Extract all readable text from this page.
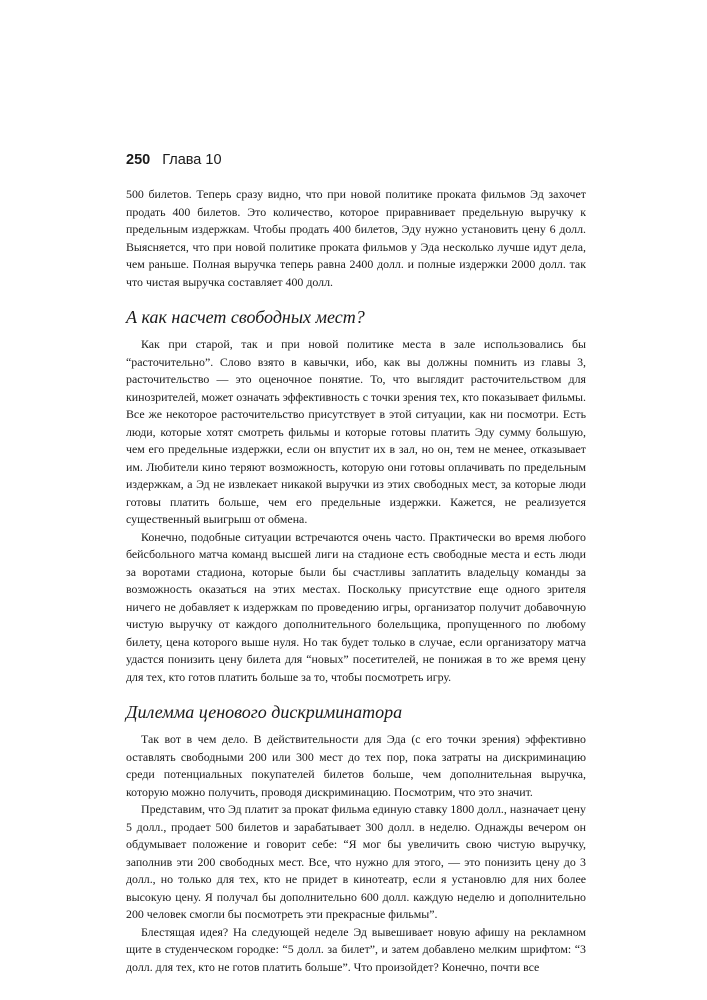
250 Глава 10

500 билетов. Теперь сразу видно, что при новой политике проката фильмов Эд захочет продать 400 билетов. Это количество, которое приравнивает предельную выручку к предельным издержкам. Чтобы продать 400 билетов, Эду нужно установить цену 6 долл. Выясняется, что при новой политике проката фильмов у Эда несколько лучше идут дела, чем раньше. Полная выручка теперь равна 2400 долл. и полные издержки 2000 долл. так что чистая выручка составляет 400 долл.

А как насчет свободных мест?

Как при старой, так и при новой политике места в зале использовались бы “расточительно”. Слово взято в кавычки, ибо, как вы должны помнить из главы 3, расточительство — это оценочное понятие. То, что выглядит расточительством для кинозрителей, может означать эффективность с точки зрения тех, кто показывает фильмы. Все же некоторое расточительство присутствует в этой ситуации, как ни посмотри. Есть люди, которые хотят смотреть фильмы и которые готовы платить Эду сумму большую, чем его предельные издержки, если он впустит их в зал, но он, тем не менее, отказывает им. Любители кино теряют возможность, которую они готовы оплачивать по предельным издержкам, а Эд не извлекает никакой выручки из этих свободных мест, за которые люди готовы платить больше, чем его предельные издержки. Кажется, не реализуется существенный выигрыш от обмена.

Конечно, подобные ситуации встречаются очень часто. Практически во время любого бейсбольного матча команд высшей лиги на стадионе есть свободные места и есть люди за воротами стадиона, которые были бы счастливы заплатить владельцу команды за возможность оказаться на этих местах. Поскольку присутствие еще одного зрителя ничего не добавляет к издержкам по проведению игры, организатор получит добавочную чистую выручку от каждого дополнительного болельщика, пропущенного по любому билету, цена которого выше нуля. Но так будет только в случае, если организатору матча удастся понизить цену билета для “новых” посетителей, не понижая в то же время цену для тех, кто готов платить больше за то, чтобы посмотреть игру.

Дилемма ценового дискриминатора

Так вот в чем дело. В действительности для Эда (с его точки зрения) эффективно оставлять свободными 200 или 300 мест до тех пор, пока затраты на дискриминацию среди потенциальных покупателей билетов больше, чем дополнительная выручка, которую можно получить, проводя дискриминацию. Посмотрим, что это значит.

Представим, что Эд платит за прокат фильма единую ставку 1800 долл., назначает цену 5 долл., продает 500 билетов и зарабатывает 300 долл. в неделю. Однажды вечером он обдумывает положение и говорит себе: “Я мог бы увеличить свою чистую выручку, заполнив эти 200 свободных мест. Все, что нужно для этого, — это понизить цену до 3 долл., но только для тех, кто не придет в кинотеатр, если я установлю для них более высокую цену. Я получал бы дополнительно 600 долл. каждую неделю и дополнительно 200 человек смогли бы посмотреть эти прекрасные фильмы”.

Блестящая идея? На следующей неделе Эд вывешивает новую афишу на рекламном щите в студенческом городке: “5 долл. за билет”, и затем добавлено мелким шрифтом: “3 долл. для тех, кто не готов платить больше”. Что произойдет? Конечно, почти все
